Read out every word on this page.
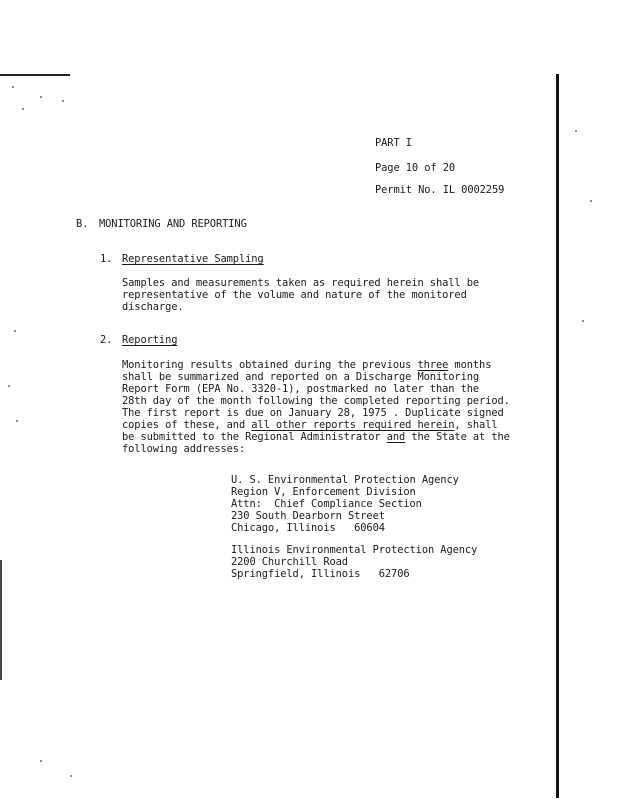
PART I
Page 10 of 20
Permit No. IL 0002259
B. MONITORING AND REPORTING
1. Representative Sampling
Samples and measurements taken as required herein shall be
representative of the volume and nature of the monitored
discharge.
2. Reporting
Monitoring results obtained during the previous three months
shall be summarized and reported on a Discharge Monitoring
Report Form (EPA No. 3320-1), postmarked no later than the
28th day of the month following the completed reporting period.
The first report is due on January 28, 1975 . Duplicate signed
copies of these, and all other reports required herein, shall
be submitted to the Regional Administrator and the State at the
following addresses:
U. S. Environmental Protection Agency
Region V, Enforcement Division
Attn:  Chief Compliance Section
230 South Dearborn Street
Chicago, Illinois   60604
Illinois Environmental Protection Agency
2200 Churchill Road
Springfield, Illinois   62706
